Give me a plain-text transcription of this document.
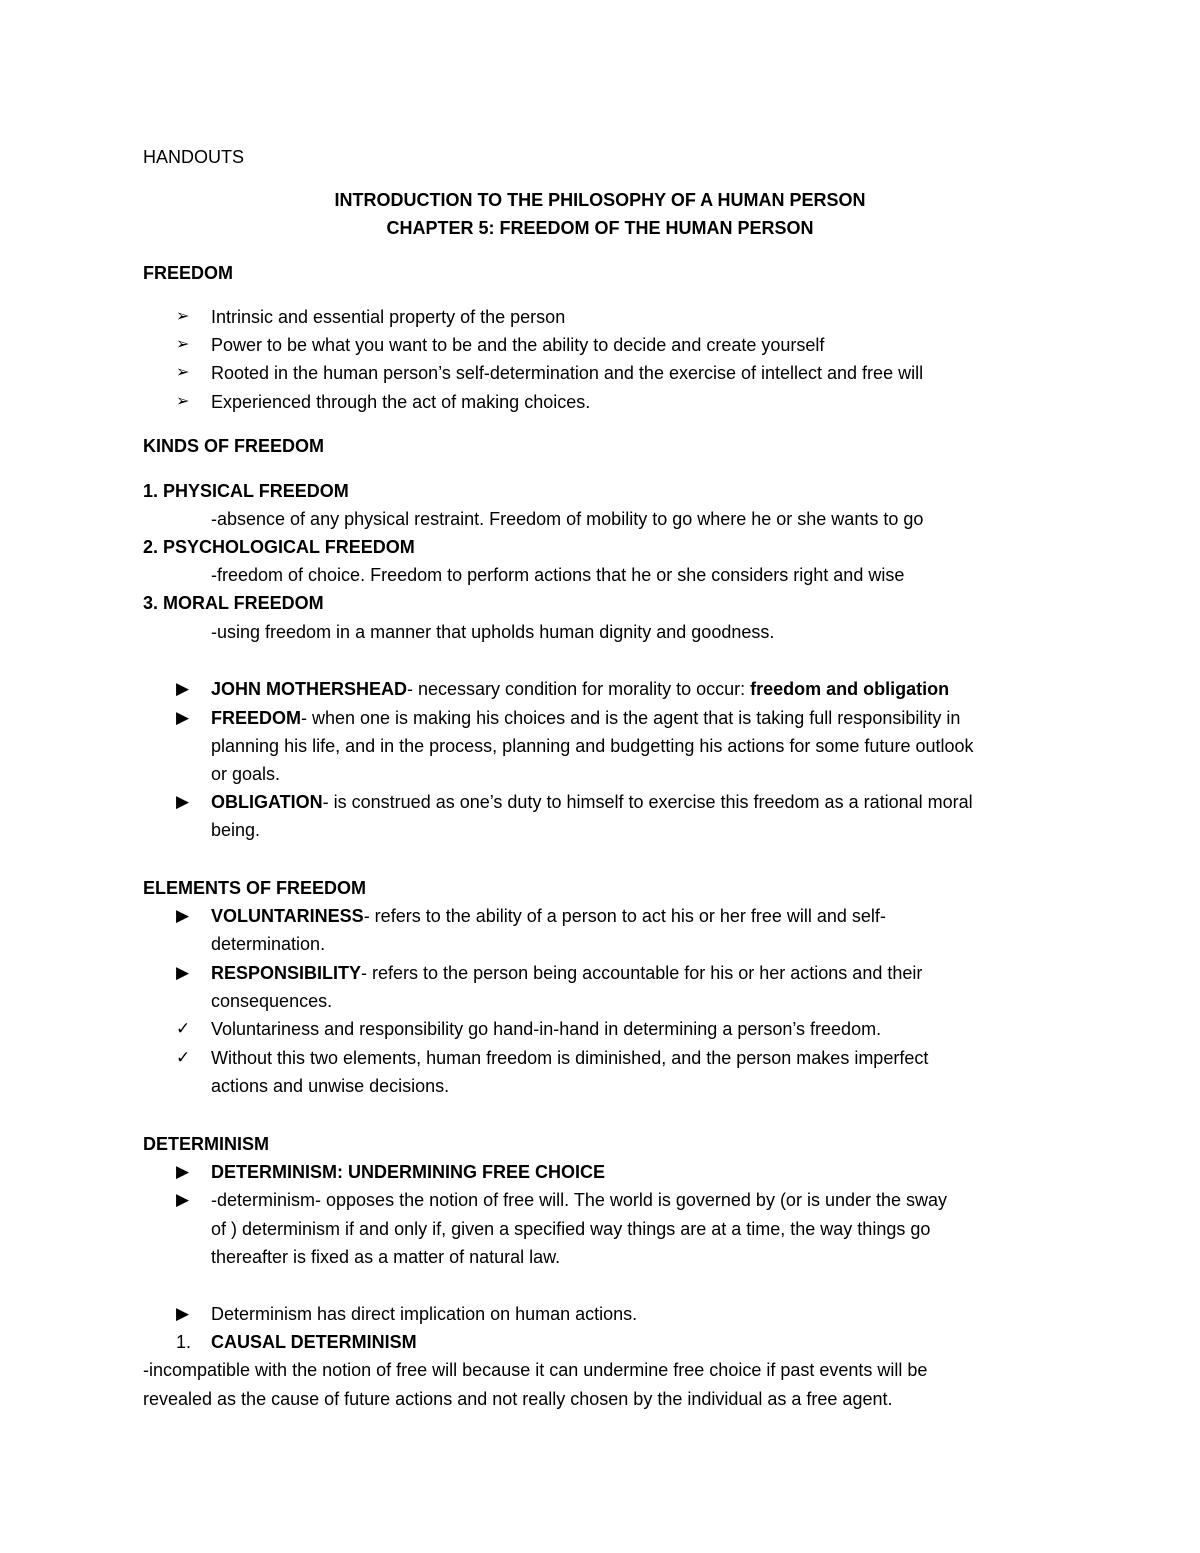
HANDOUTS
INTRODUCTION TO THE PHILOSOPHY OF A HUMAN PERSON
CHAPTER 5: FREEDOM OF THE HUMAN PERSON
FREEDOM
➢	Intrinsic and essential property of the person
➢	Power to be what you want to be and the ability to decide and create yourself
➢	Rooted in the human person’s self-determination and the exercise of intellect and free will
➢	Experienced through the act of making choices.
KINDS OF FREEDOM
1. PHYSICAL FREEDOM
-absence of any physical restraint. Freedom of mobility to go where he or she wants to go
2. PSYCHOLOGICAL FREEDOM
-freedom of choice. Freedom to perform actions that he or she considers right and wise
3. MORAL FREEDOM
-using freedom in a manner that upholds human dignity and goodness.
▶	JOHN MOTHERSHEAD- necessary condition for morality to occur: freedom and obligation
▶	FREEDOM- when one is making his choices and is the agent that is taking full responsibility in
planning his life, and in the process, planning and budgetting his actions for some future outlook
or goals.
▶	OBLIGATION- is construed as one’s duty to himself to exercise this freedom as a rational moral
being.
ELEMENTS OF FREEDOM
▶	VOLUNTARINESS- refers to the ability of a person to act his or her free will and self-
determination.
▶	RESPONSIBILITY- refers to the person being accountable for his or her actions and their
consequences.
✓	Voluntariness and responsibility go hand-in-hand in determining a person’s freedom.
✓	Without this two elements, human freedom is diminished, and the person makes imperfect
actions and unwise decisions.
DETERMINISM
▶	DETERMINISM: UNDERMINING FREE CHOICE
▶	-determinism- opposes the notion of free will. The world is governed by (or is under the sway
of ) determinism if and only if, given a specified way things are at a time, the way things go
thereafter is fixed as a matter of natural law.
▶	Determinism has direct implication on human actions.
1. CAUSAL DETERMINISM
-incompatible with the notion of free will because it can undermine free choice if past events will be
revealed as the cause of future actions and not really chosen by the individual as a free agent.
